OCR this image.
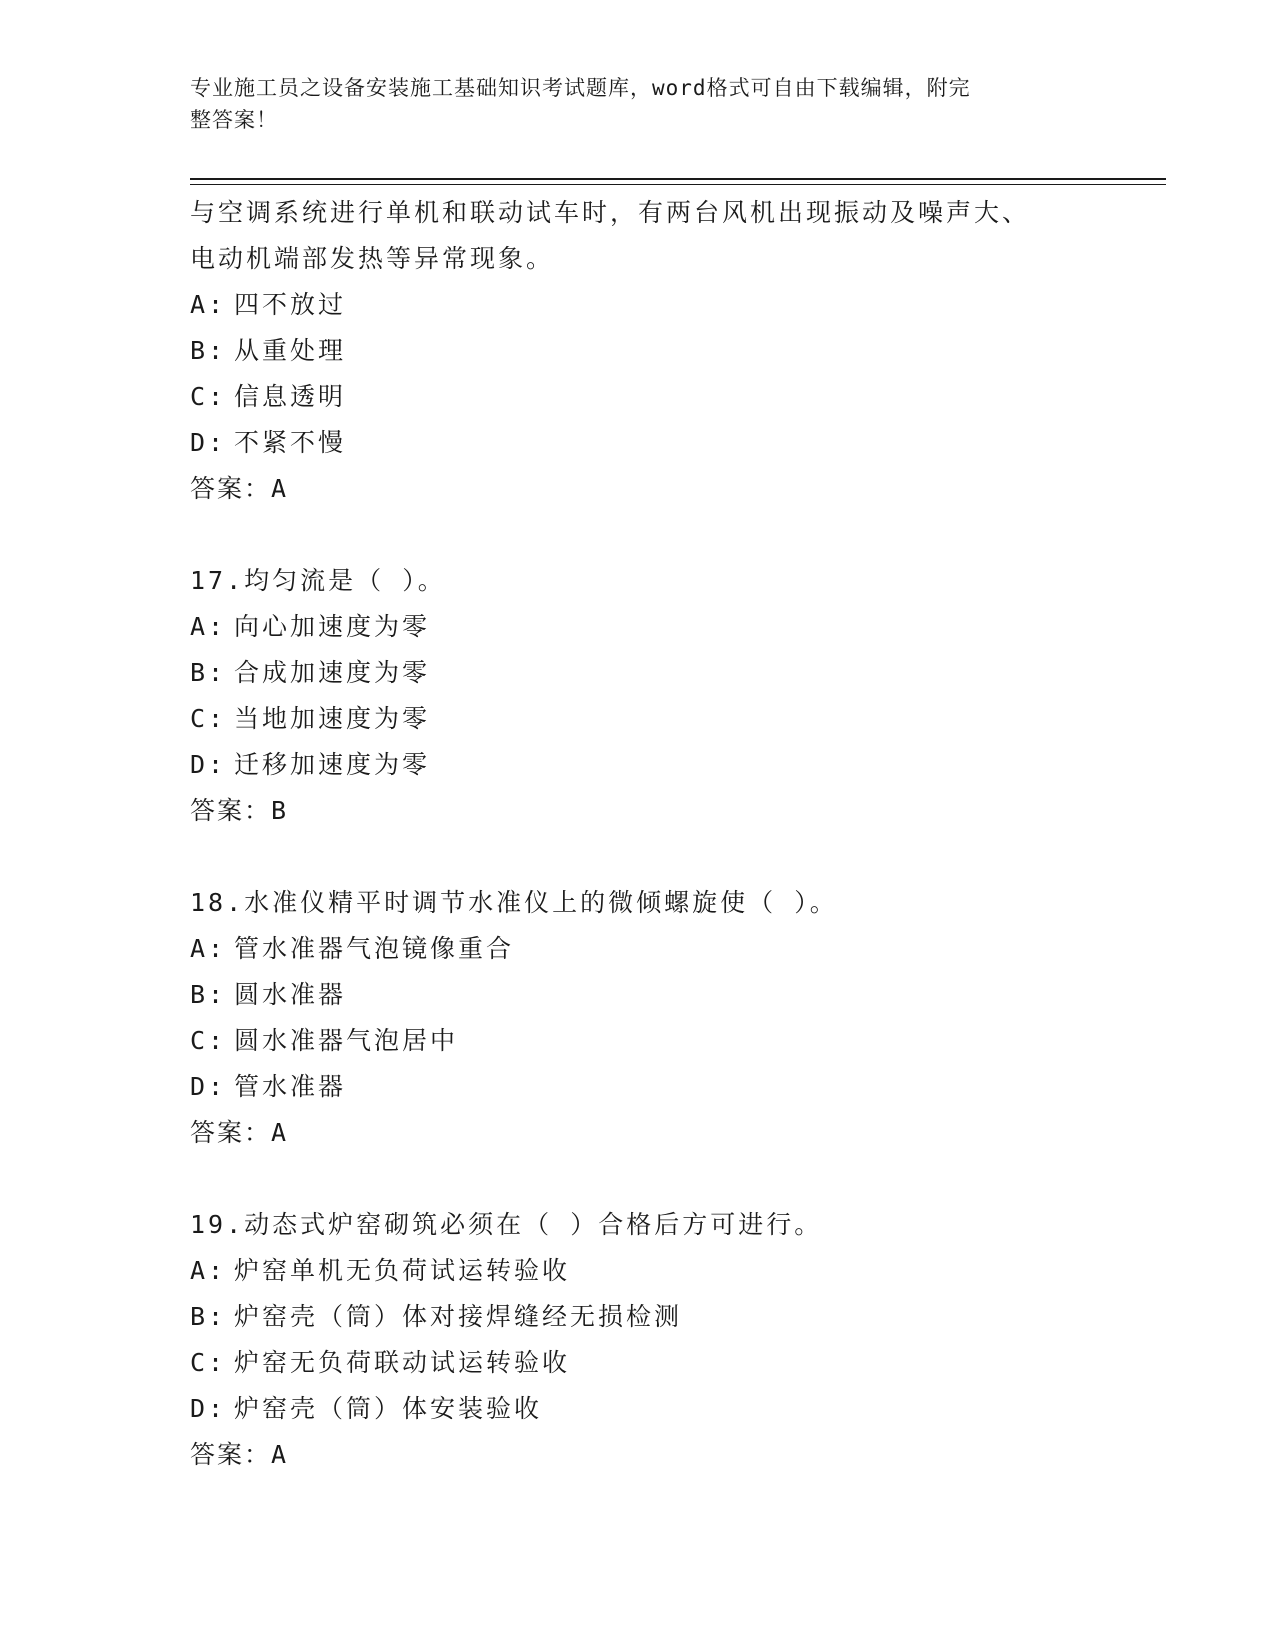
专业施工员之设备安装施工基础知识考试题库，word格式可自由下载编辑，附完
整答案！
与空调系统进行单机和联动试车时，有两台风机出现振动及噪声大、
电动机端部发热等异常现象。
A: 四不放过
B: 从重处理
C: 信息透明
D: 不紧不慢
答案：A
17.均匀流是（ ）。
A: 向心加速度为零
B: 合成加速度为零
C: 当地加速度为零
D: 迁移加速度为零
答案：B
18.水准仪精平时调节水准仪上的微倾螺旋使（ ）。
A: 管水准器气泡镜像重合
B: 圆水准器
C: 圆水准器气泡居中
D: 管水准器
答案：A
19.动态式炉窑砌筑必须在（ ）合格后方可进行。
A: 炉窑单机无负荷试运转验收
B: 炉窑壳（筒）体对接焊缝经无损检测
C: 炉窑无负荷联动试运转验收
D: 炉窑壳（筒）体安装验收
答案：A
